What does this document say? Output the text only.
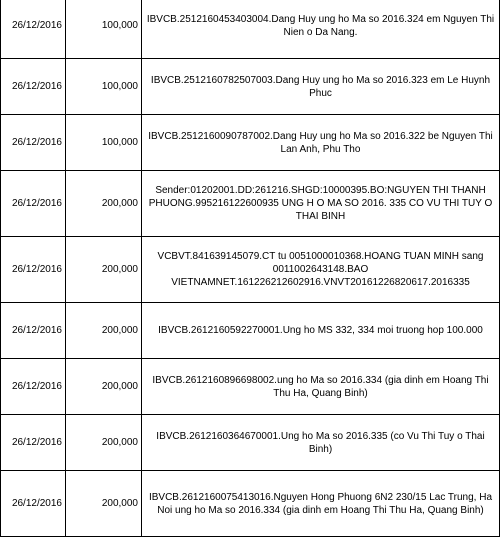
26/12/2016	100,000	IBVCB.2512160453403004.Dang Huy ung ho Ma so 2016.324 em Nguyen Thi Nien o Da Nang.
26/12/2016	100,000	IBVCB.2512160782507003.Dang Huy ung ho Ma so 2016.323 em Le Huynh Phuc
26/12/2016	100,000	IBVCB.2512160090787002.Dang Huy ung ho Ma so 2016.322 be Nguyen Thi Lan Anh, Phu Tho
26/12/2016	200,000	Sender:01202001.DD:261216.SHGD:10000395.BO:NGUYEN THI THANH PHUONG.995216122600935 UNG H O MA SO 2016. 335 CO VU THI TUY O THAI BINH
26/12/2016	200,000	VCBVT.841639145079.CT tu 0051000010368.HOANG TUAN MINH sang 0011002643148.BAO VIETNAMNET.161226212602916.VNVT20161226820617.2016335
26/12/2016	200,000	IBVCB.2612160592270001.Ung ho MS 332, 334 moi truong hop 100.000
26/12/2016	200,000	IBVCB.2612160896698002.ung ho Ma so 2016.334 (gia dinh em Hoang Thi Thu Ha, Quang Binh)
26/12/2016	200,000	IBVCB.2612160364670001.Ung ho Ma so 2016.335 (co Vu Thi Tuy o Thai Binh)
26/12/2016	200,000	IBVCB.2612160075413016.Nguyen Hong Phuong 6N2 230/15 Lac Trung, Ha Noi ung ho Ma so 2016.334 (gia dinh em Hoang Thi Thu Ha, Quang Binh)
